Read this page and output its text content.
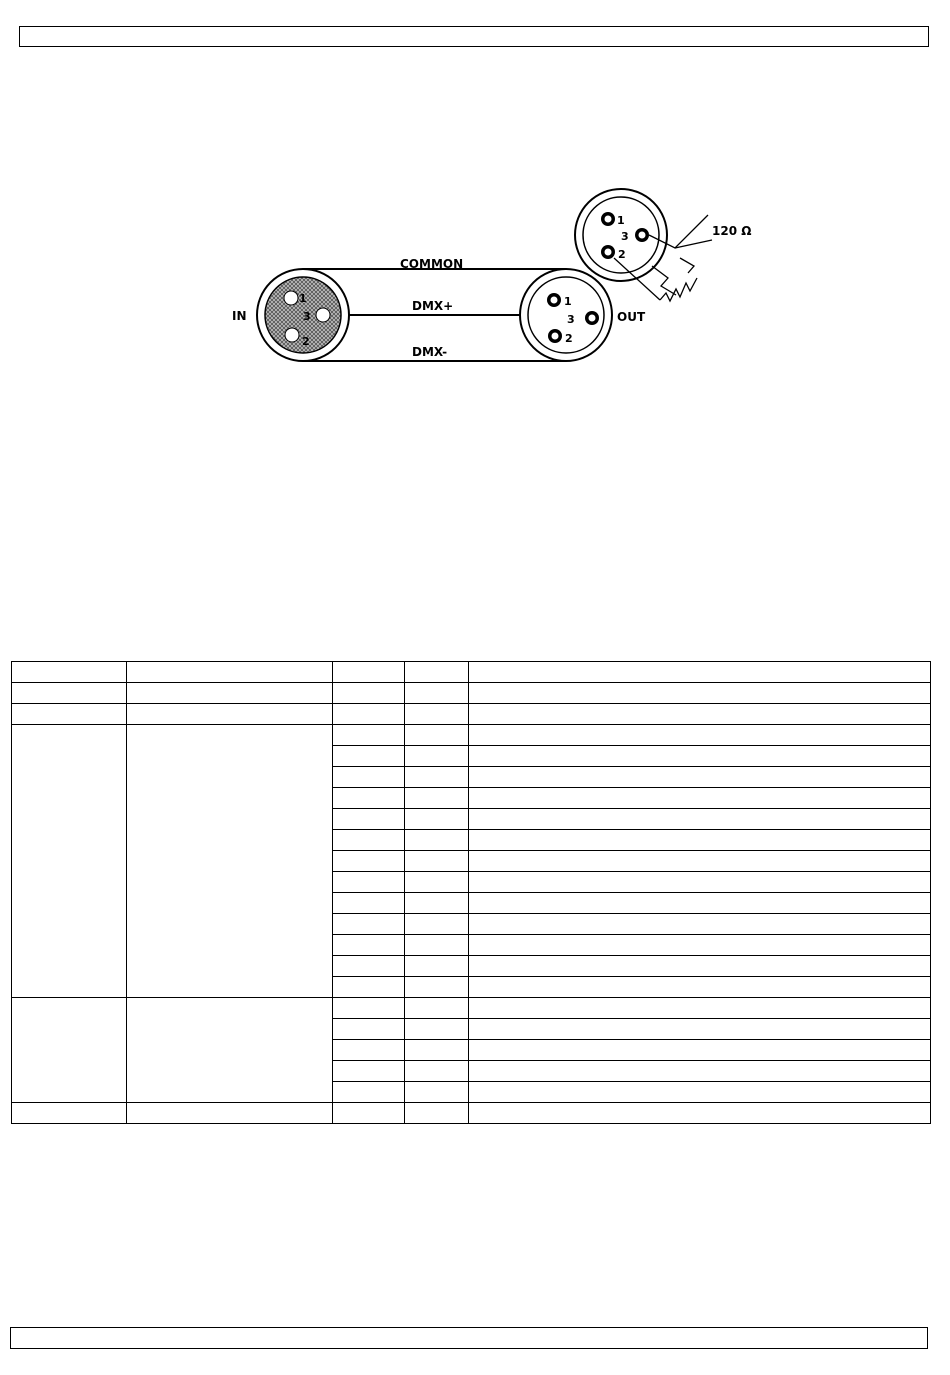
1
3
2
IN
COMMON
DMX+
DMX-
1
3
2
OUT
1
3
2
120 Ω
